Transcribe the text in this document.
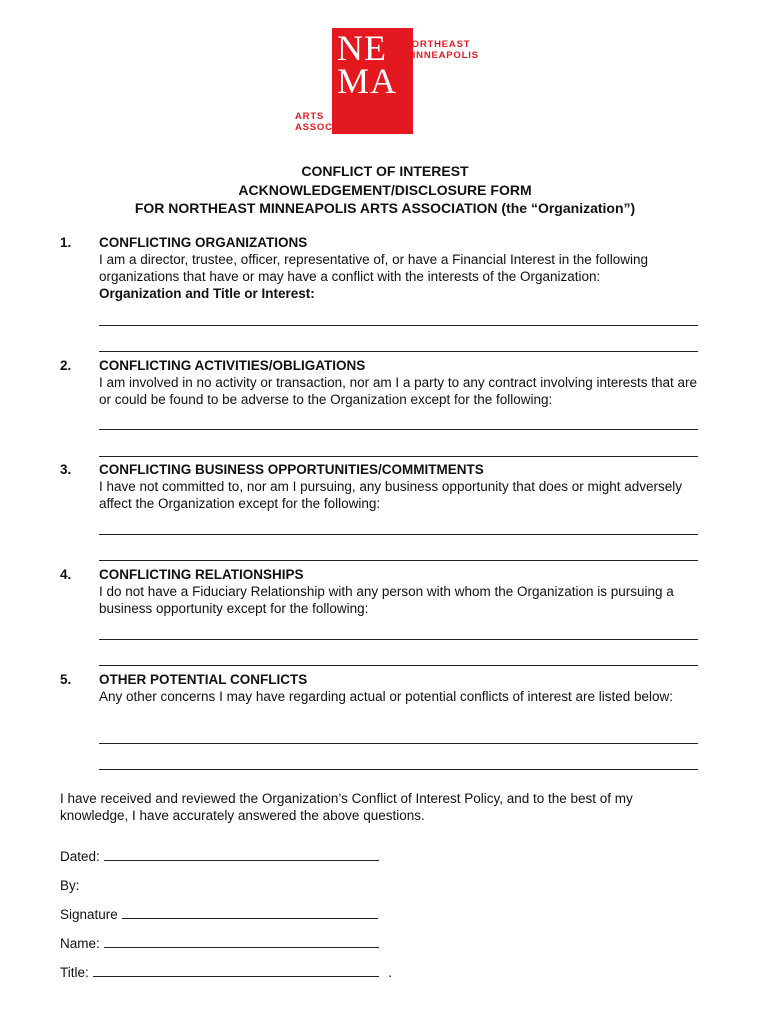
NE
MA
NORTHEAST
MINNEAPOLIS
ARTS
ASSOCIATION
CONFLICT OF INTEREST
ACKNOWLEDGEMENT/DISCLOSURE FORM
FOR NORTHEAST MINNEAPOLIS ARTS ASSOCIATION (the “Organization”)
1. CONFLICTING ORGANIZATIONS
I am a director, trustee, officer, representative of, or have a Financial Interest in the following organizations that have or may have a conflict with the interests of the Organization:
Organization and Title or Interest:
2. CONFLICTING ACTIVITIES/OBLIGATIONS
I am involved in no activity or transaction, nor am I a party to any contract involving interests that are or could be found to be adverse to the Organization except for the following:
3. CONFLICTING BUSINESS OPPORTUNITIES/COMMITMENTS
I have not committed to, nor am I pursuing, any business opportunity that does or might adversely affect the Organization except for the following:
4. CONFLICTING RELATIONSHIPS
I do not have a Fiduciary Relationship with any person with whom the Organization is pursuing a business opportunity except for the following:
5. OTHER POTENTIAL CONFLICTS
Any other concerns I may have regarding actual or potential conflicts of interest are listed below:
I have received and reviewed the Organization’s Conflict of Interest Policy, and to the best of my knowledge, I have accurately answered the above questions.
Dated:
By:
Signature
Name:
Title:	.
